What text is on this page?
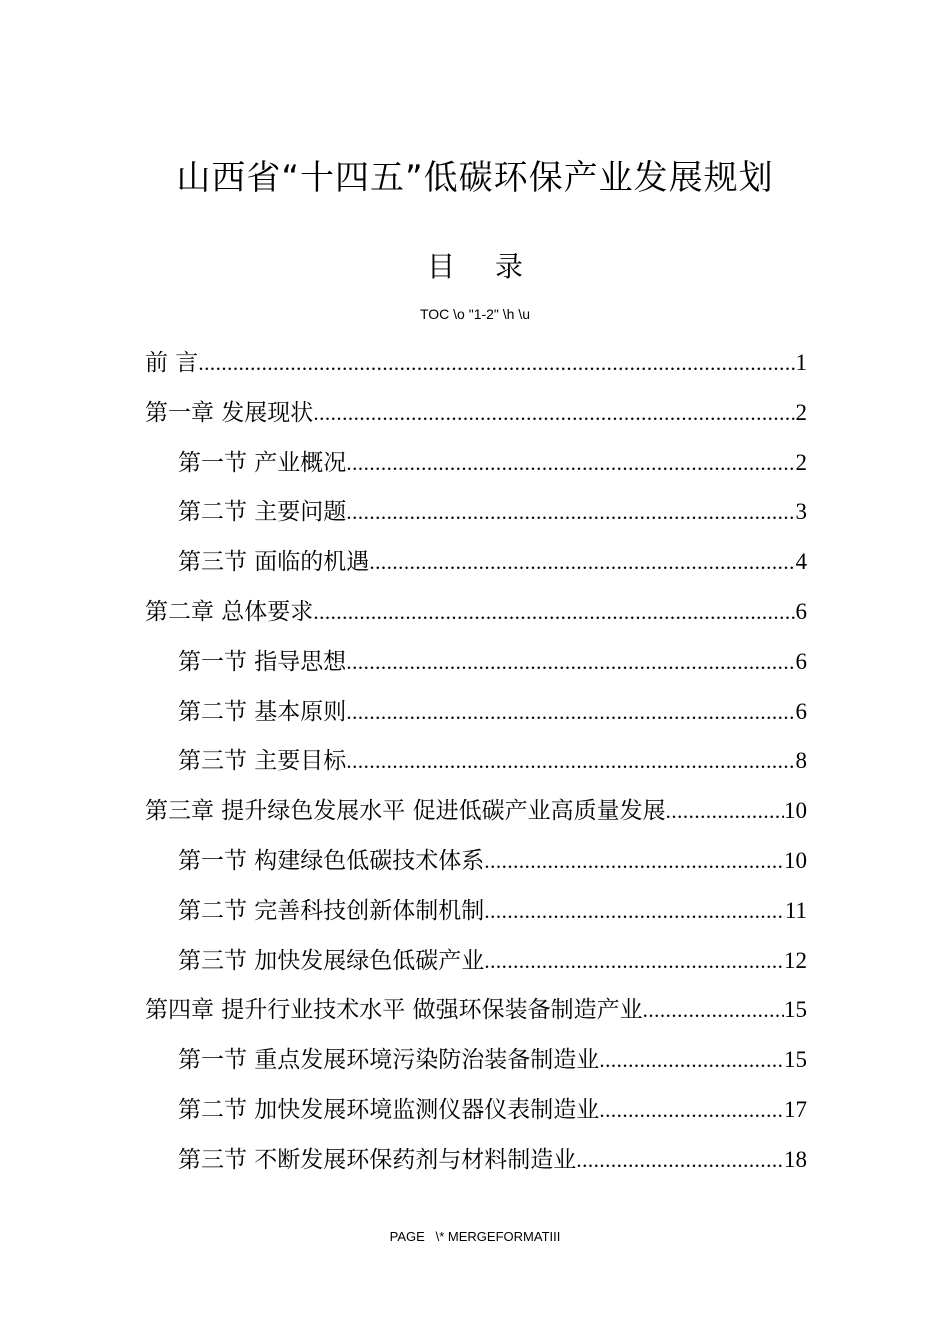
山西省“十四五”低碳环保产业发展规划
目录
TOC \o "1-2" \h \u
前 言 .....	1
第一章 发展现状 .....	2
第一节 产业概况 .....	2
第二节 主要问题 .....	3
第三节 面临的机遇 .....	4
第二章 总体要求 .....	6
第一节 指导思想 .....	6
第二节 基本原则 .....	6
第三节 主要目标 .....	8
第三章 提升绿色发展水平 促进低碳产业高质量发展 .....	10
第一节 构建绿色低碳技术体系 .....	10
第二节 完善科技创新体制机制 .....	11
第三节 加快发展绿色低碳产业 .....	12
第四章 提升行业技术水平 做强环保装备制造产业 .....	15
第一节 重点发展环境污染防治装备制造业 .....	15
第二节 加快发展环境监测仪器仪表制造业 .....	17
第三节 不断发展环保药剂与材料制造业 .....	18
PAGE   \* MERGEFORMATIII
